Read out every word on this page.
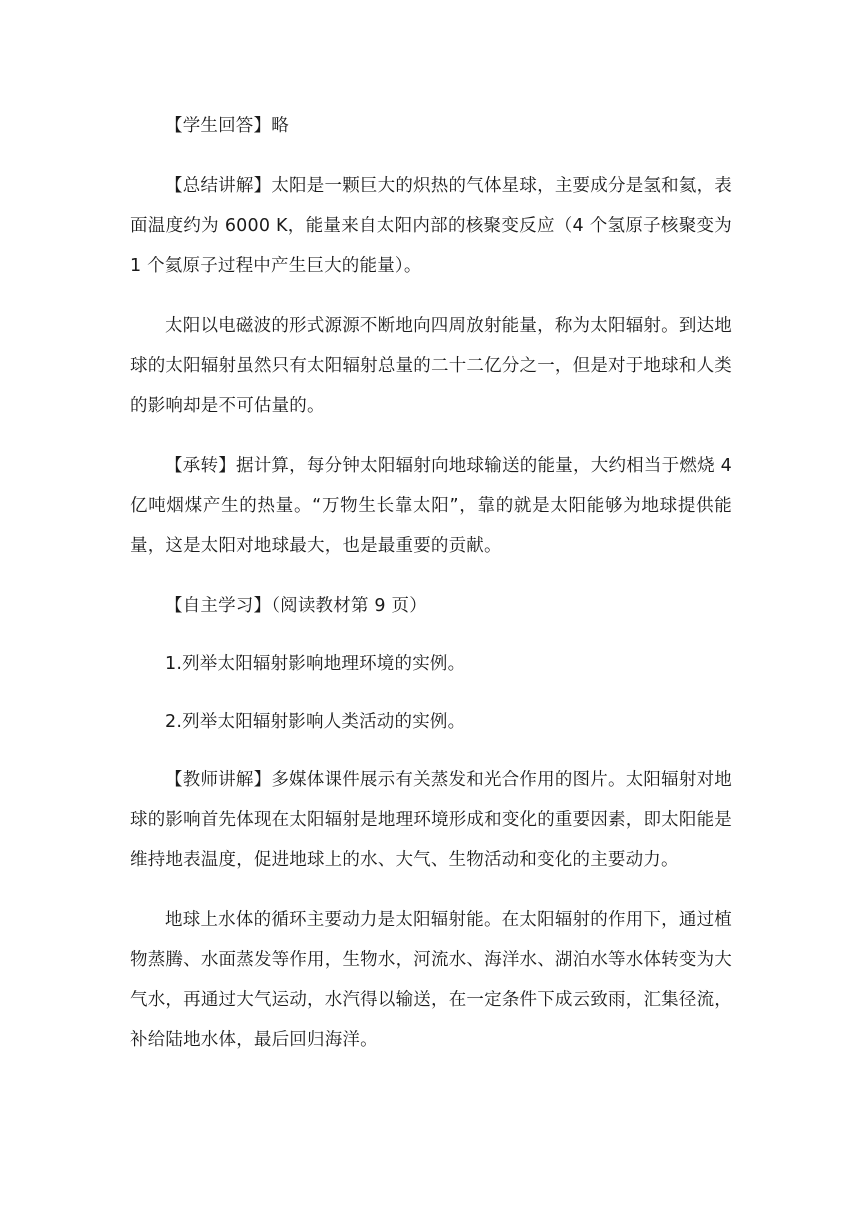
【学生回答】略

【总结讲解】太阳是一颗巨大的炽热的气体星球，主要成分是氢和氦，表面温度约为 6000 K，能量来自太阳内部的核聚变反应（4 个氢原子核聚变为 1 个氦原子过程中产生巨大的能量）。

太阳以电磁波的形式源源不断地向四周放射能量，称为太阳辐射。到达地球的太阳辐射虽然只有太阳辐射总量的二十二亿分之一，但是对于地球和人类的影响却是不可估量的。

【承转】据计算，每分钟太阳辐射向地球输送的能量，大约相当于燃烧 4 亿吨烟煤产生的热量。“万物生长靠太阳”，靠的就是太阳能够为地球提供能量，这是太阳对地球最大，也是最重要的贡献。

【自主学习】（阅读教材第 9 页）

1.列举太阳辐射影响地理环境的实例。

2.列举太阳辐射影响人类活动的实例。

【教师讲解】多媒体课件展示有关蒸发和光合作用的图片。太阳辐射对地球的影响首先体现在太阳辐射是地理环境形成和变化的重要因素，即太阳能是维持地表温度，促进地球上的水、大气、生物活动和变化的主要动力。

地球上水体的循环主要动力是太阳辐射能。在太阳辐射的作用下，通过植物蒸腾、水面蒸发等作用，生物水，河流水、海洋水、湖泊水等水体转变为大气水，再通过大气运动，水汽得以输送，在一定条件下成云致雨，汇集径流，补给陆地水体，最后回归海洋。
